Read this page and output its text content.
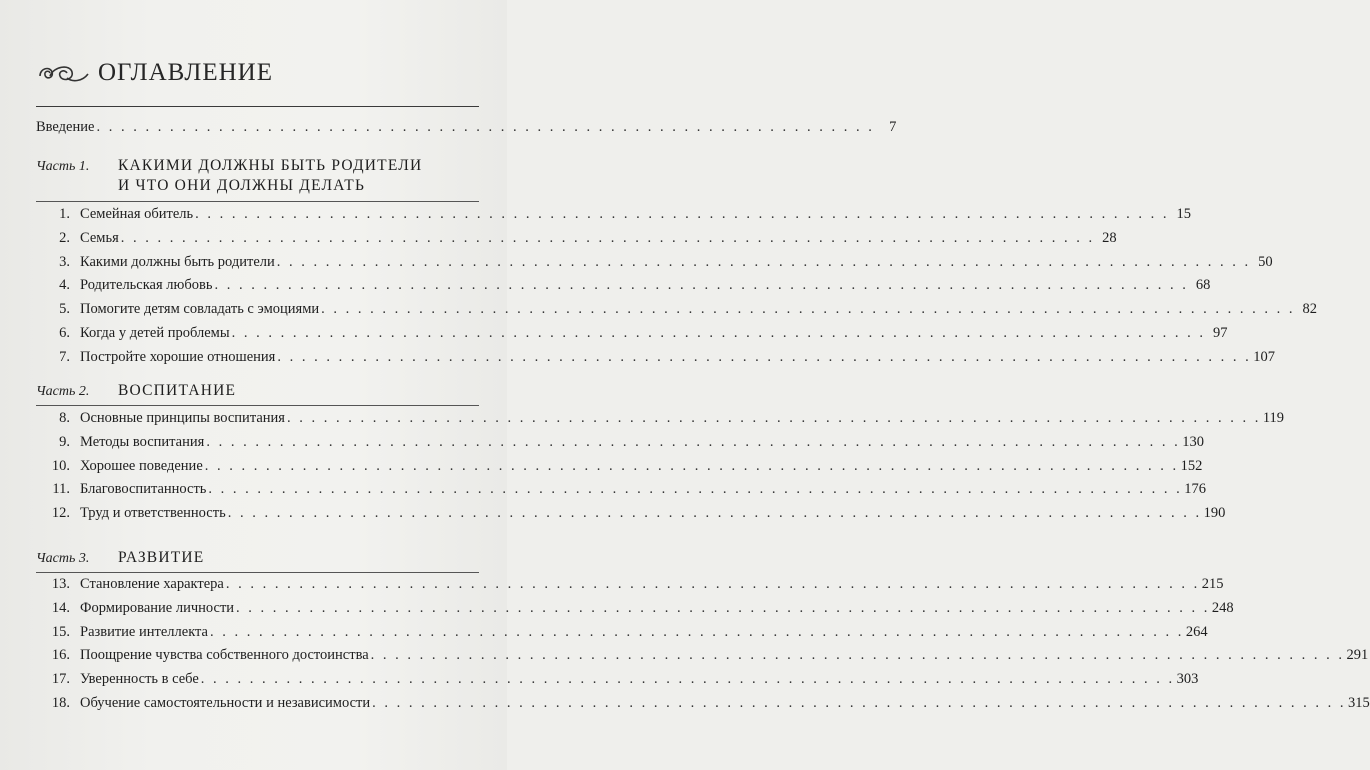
ОГЛАВЛЕНИЕ
Введение . . . . . . . . . . . . . . . . . . . . . . . . . . . . . . . . . . . . . . . . . . . . . . . . . . . . . . . . . . . . . . . .	7
Часть 1. КАКИМИ ДОЛЖНЫ БЫТЬ РОДИТЕЛИ
И ЧТО ОНИ ДОЛЖНЫ ДЕЛАТЬ
1. Семейная обитель . . . . . . . . . . . . . . . . . . . . . . . . . . . . . . . . . . . . . . . . . . . . . . . . . . . . . . . . . . . . . . . . . . . . . . . . . . . . . . . . 15
2. Семья . . . . . . . . . . . . . . . . . . . . . . . . . . . . . . . . . . . . . . . . . . . . . . . . . . . . . . . . . . . . . . . . . . . . . . . . . . . . . . . . 28
3. Какими должны быть родители . . . . . . . . . . . . . . . . . . . . . . . . . . . . . . . . . . . . . . . . . . . . . . . . . . . . . . . . . . . . . . . . . . . . . . . . . . . . . . . . 50
4. Родительская любовь . . . . . . . . . . . . . . . . . . . . . . . . . . . . . . . . . . . . . . . . . . . . . . . . . . . . . . . . . . . . . . . . . . . . . . . . . . . . . . . . 68
5. Помогите детям совладать с эмоциями . . . . . . . . . . . . . . . . . . . . . . . . . . . . . . . . . . . . . . . . . . . . . . . . . . . . . . . . . . . . . . . . . . . . . . . . . . . . . . . . 82
6. Когда у детей проблемы . . . . . . . . . . . . . . . . . . . . . . . . . . . . . . . . . . . . . . . . . . . . . . . . . . . . . . . . . . . . . . . . . . . . . . . . . . . . . . . . 97
7. Постройте хорошие отношения . . . . . . . . . . . . . . . . . . . . . . . . . . . . . . . . . . . . . . . . . . . . . . . . . . . . . . . . . . . . . . . . . . . . . . . . . . . . . . . . 107
Часть 2. ВОСПИТАНИЕ
8. Основные принципы воспитания . . . . . . . . . . . . . . . . . . . . . . . . . . . . . . . . . . . . . . . . . . . . . . . . . . . . . . . . . . . . . . . . . . . . . . . . . . . . . . . . 119
9. Методы воспитания . . . . . . . . . . . . . . . . . . . . . . . . . . . . . . . . . . . . . . . . . . . . . . . . . . . . . . . . . . . . . . . . . . . . . . . . . . . . . . . . 130
10. Хорошее поведение . . . . . . . . . . . . . . . . . . . . . . . . . . . . . . . . . . . . . . . . . . . . . . . . . . . . . . . . . . . . . . . . . . . . . . . . . . . . . . . . 152
11. Благовоспитанность . . . . . . . . . . . . . . . . . . . . . . . . . . . . . . . . . . . . . . . . . . . . . . . . . . . . . . . . . . . . . . . . . . . . . . . . . . . . . . . . 176
12. Труд и ответственность . . . . . . . . . . . . . . . . . . . . . . . . . . . . . . . . . . . . . . . . . . . . . . . . . . . . . . . . . . . . . . . . . . . . . . . . . . . . . . . . 190
Часть 3. РАЗВИТИЕ
13. Становление характера . . . . . . . . . . . . . . . . . . . . . . . . . . . . . . . . . . . . . . . . . . . . . . . . . . . . . . . . . . . . . . . . . . . . . . . . . . . . . . . . 215
14. Формирование личности . . . . . . . . . . . . . . . . . . . . . . . . . . . . . . . . . . . . . . . . . . . . . . . . . . . . . . . . . . . . . . . . . . . . . . . . . . . . . . . . 248
15. Развитие интеллекта . . . . . . . . . . . . . . . . . . . . . . . . . . . . . . . . . . . . . . . . . . . . . . . . . . . . . . . . . . . . . . . . . . . . . . . . . . . . . . . . 264
16. Поощрение чувства собственного достоинства . . . . . . . . . . . . . . . . . . . . . . . . . . . . . . . . . . . . . . . . . . . . . . . . . . . . . . . . . . . . . . . . . . . . . . . . . . . . . . . . 291
17. Уверенность в себе . . . . . . . . . . . . . . . . . . . . . . . . . . . . . . . . . . . . . . . . . . . . . . . . . . . . . . . . . . . . . . . . . . . . . . . . . . . . . . . . 303
18. Обучение самостоятельности и независимости . . . . . . . . . . . . . . . . . . . . . . . . . . . . . . . . . . . . . . . . . . . . . . . . . . . . . . . . . . . . . . . . . . . . . . . . . . . . . . . . 315
